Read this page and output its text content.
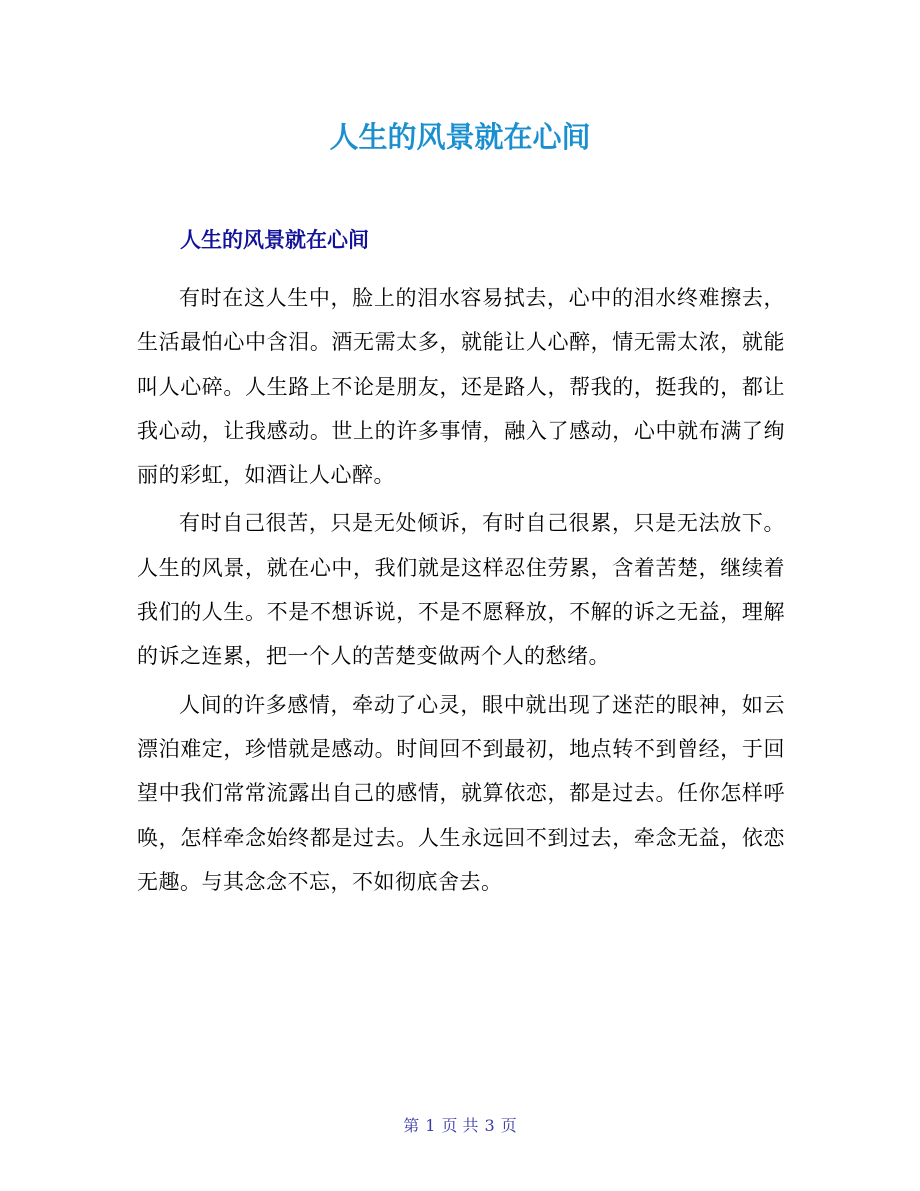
人生的风景就在心间
人生的风景就在心间

有时在这人生中，脸上的泪水容易拭去，心中的泪水终难擦去，生活最怕心中含泪。酒无需太多，就能让人心醉，情无需太浓，就能叫人心碎。人生路上不论是朋友，还是路人，帮我的，挺我的，都让我心动，让我感动。世上的许多事情，融入了感动，心中就布满了绚丽的彩虹，如酒让人心醉。

有时自己很苦，只是无处倾诉，有时自己很累，只是无法放下。人生的风景，就在心中，我们就是这样忍住劳累，含着苦楚，继续着我们的人生。不是不想诉说，不是不愿释放，不解的诉之无益，理解的诉之连累，把一个人的苦楚变做两个人的愁绪。

人间的许多感情，牵动了心灵，眼中就出现了迷茫的眼神，如云漂泊难定，珍惜就是感动。时间回不到最初，地点转不到曾经，于回望中我们常常流露出自己的感情，就算依恋，都是过去。任你怎样呼唤，怎样牵念始终都是过去。人生永远回不到过去，牵念无益，依恋无趣。与其念念不忘，不如彻底舍去。

第 1 页 共 3 页
